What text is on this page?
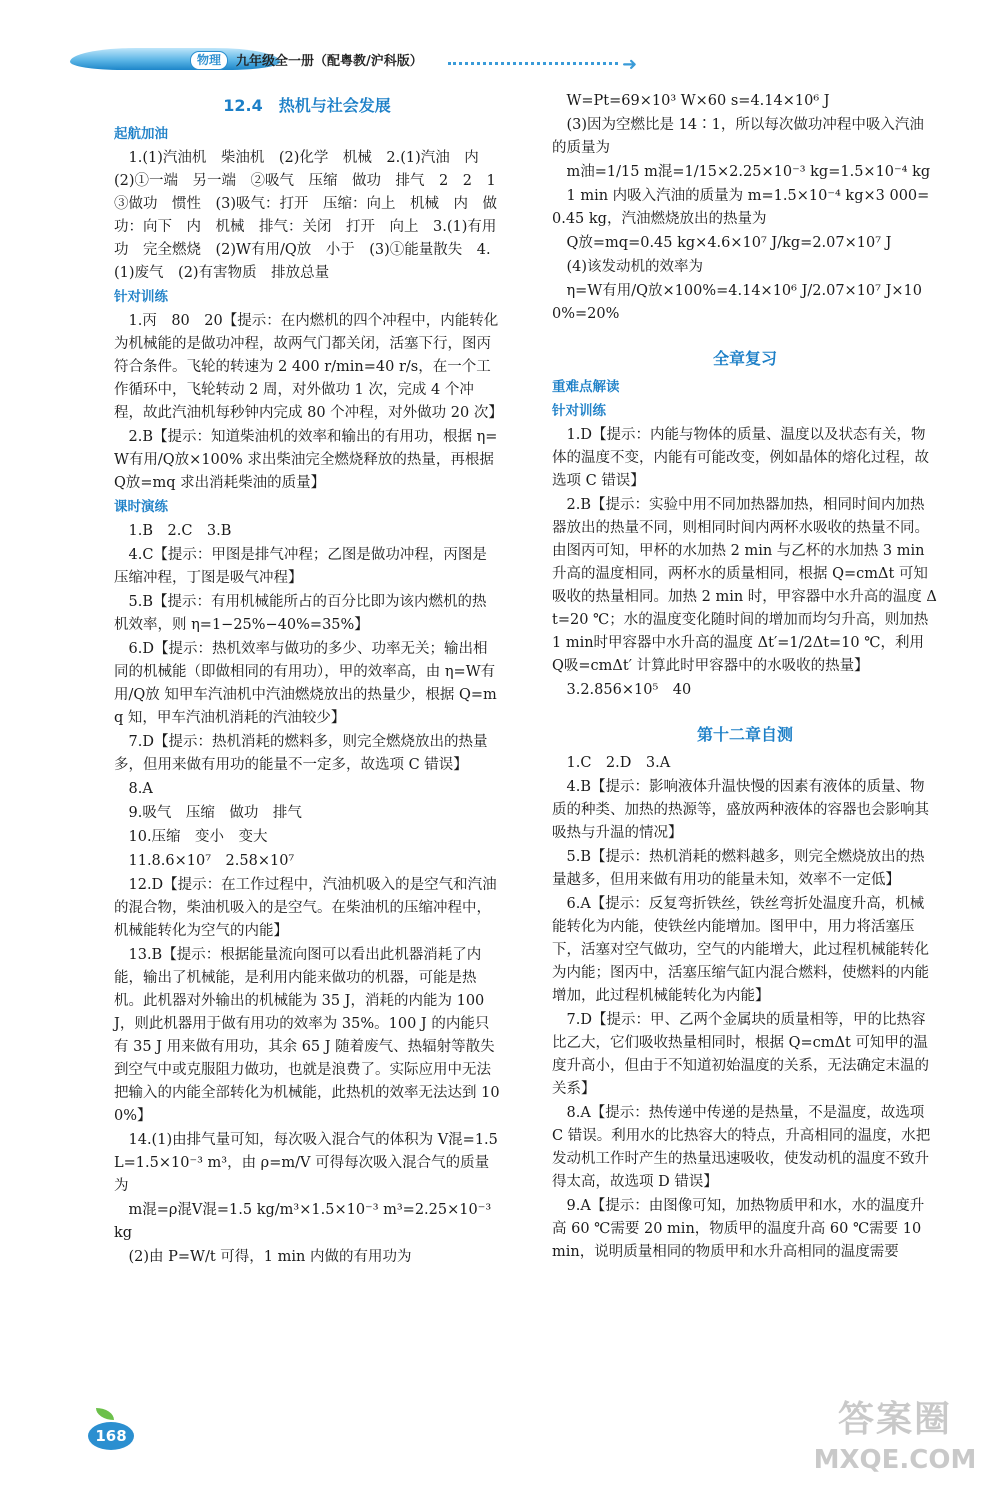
物理	九年级全一册（配粤教/沪科版）	➜
12.4　热机与社会发展
起航加油
1.(1)汽油机　柴油机　(2)化学　机械　2.(1)汽油　内　(2)①一端　另一端　②吸气　压缩　做功　排气　2　2　1　③做功　惯性　(3)吸气：打开　压缩：向上　机械　内　做功：向下　内　机械　排气：关闭　打开　向上　3.(1)有用功　完全燃烧　(2)W有用/Q放　小于　(3)①能量散失　4.(1)废气　(2)有害物质　排放总量
针对训练
1.丙　80　20【提示：在内燃机的四个冲程中，内能转化为机械能的是做功冲程，故两气门都关闭，活塞下行，图丙符合条件。飞轮的转速为 2 400 r/min=40 r/s，在一个工作循环中，飞轮转动 2 周，对外做功 1 次，完成 4 个冲程，故此汽油机每秒钟内完成 80 个冲程，对外做功 20 次】
2.B【提示：知道柴油机的效率和输出的有用功，根据 η=W有用/Q放×100% 求出柴油完全燃烧释放的热量，再根据 Q放=mq 求出消耗柴油的质量】
课时演练
1.B　2.C　3.B
4.C【提示：甲图是排气冲程；乙图是做功冲程，丙图是压缩冲程，丁图是吸气冲程】
5.B【提示：有用机械能所占的百分比即为该内燃机的热机效率，则 η=1−25%−40%=35%】
6.D【提示：热机效率与做功的多少、功率无关；输出相同的机械能（即做相同的有用功），甲的效率高，由 η=W有用/Q放 知甲车汽油机中汽油燃烧放出的热量少，根据 Q=mq 知，甲车汽油机消耗的汽油较少】
7.D【提示：热机消耗的燃料多，则完全燃烧放出的热量多，但用来做有用功的能量不一定多，故选项 C 错误】
8.A
9.吸气　压缩　做功　排气
10.压缩　变小　变大
11.8.6×10⁷　2.58×10⁷
12.D【提示：在工作过程中，汽油机吸入的是空气和汽油的混合物，柴油机吸入的是空气。在柴油机的压缩冲程中，机械能转化为空气的内能】
13.B【提示：根据能量流向图可以看出此机器消耗了内能，输出了机械能，是利用内能来做功的机器，可能是热机。此机器对外输出的机械能为 35 J，消耗的内能为 100 J，则此机器用于做有用功的效率为 35%。100 J 的内能只有 35 J 用来做有用功，其余 65 J 随着废气、热辐射等散失到空气中或克服阻力做功，也就是浪费了。实际应用中无法把输入的内能全部转化为机械能，此热机的效率无法达到 100%】
14.(1)由排气量可知，每次吸入混合气的体积为 V混=1.5 L=1.5×10⁻³ m³，由 ρ=m/V 可得每次吸入混合气的质量为
m混=ρ混V混=1.5 kg/m³×1.5×10⁻³ m³=2.25×10⁻³ kg
(2)由 P=W/t 可得，1 min 内做的有用功为
W=Pt=69×10³ W×60 s=4.14×10⁶ J
(3)因为空燃比是 14∶1，所以每次做功冲程中吸入汽油的质量为
m油=1/15 m混=1/15×2.25×10⁻³ kg=1.5×10⁻⁴ kg
1 min 内吸入汽油的质量为 m=1.5×10⁻⁴ kg×3 000=0.45 kg，汽油燃烧放出的热量为
Q放=mq=0.45 kg×4.6×10⁷ J/kg=2.07×10⁷ J
(4)该发动机的效率为
η=W有用/Q放×100%=4.14×10⁶ J/2.07×10⁷ J×100%=20%
全章复习
重难点解读
针对训练
1.D【提示：内能与物体的质量、温度以及状态有关，物体的温度不变，内能有可能改变，例如晶体的熔化过程，故选项 C 错误】
2.B【提示：实验中用不同加热器加热，相同时间内加热器放出的热量不同，则相同时间内两杯水吸收的热量不同。由图丙可知，甲杯的水加热 2 min 与乙杯的水加热 3 min升高的温度相同，两杯水的质量相同，根据 Q=cmΔt 可知吸收的热量相同。加热 2 min 时，甲容器中水升高的温度 Δt=20 ℃；水的温度变化随时间的增加而均匀升高，则加热 1 min时甲容器中水升高的温度 Δt′=1/2Δt=10 ℃，利用 Q吸=cmΔt′ 计算此时甲容器中的水吸收的热量】
3.2.856×10⁵　40
第十二章自测
1.C　2.D　3.A
4.B【提示：影响液体升温快慢的因素有液体的质量、物质的种类、加热的热源等，盛放两种液体的容器也会影响其吸热与升温的情况】
5.B【提示：热机消耗的燃料越多，则完全燃烧放出的热量越多，但用来做有用功的能量未知，效率不一定低】
6.A【提示：反复弯折铁丝，铁丝弯折处温度升高，机械能转化为内能，使铁丝内能增加。图甲中，用力将活塞压下，活塞对空气做功，空气的内能增大，此过程机械能转化为内能；图丙中，活塞压缩气缸内混合燃料，使燃料的内能增加，此过程机械能转化为内能】
7.D【提示：甲、乙两个金属块的质量相等，甲的比热容比乙大，它们吸收热量相同时，根据 Q=cmΔt 可知甲的温度升高小，但由于不知道初始温度的关系，无法确定末温的关系】
8.A【提示：热传递中传递的是热量，不是温度，故选项 C 错误。利用水的比热容大的特点，升高相同的温度，水把发动机工作时产生的热量迅速吸收，使发动机的温度不致升得太高，故选项 D 错误】
9.A【提示：由图像可知，加热物质甲和水，水的温度升高 60 ℃需要 20 min，物质甲的温度升高 60 ℃需要 10 min，说明质量相同的物质甲和水升高相同的温度需要
168	答案圈
MXQE.COM
